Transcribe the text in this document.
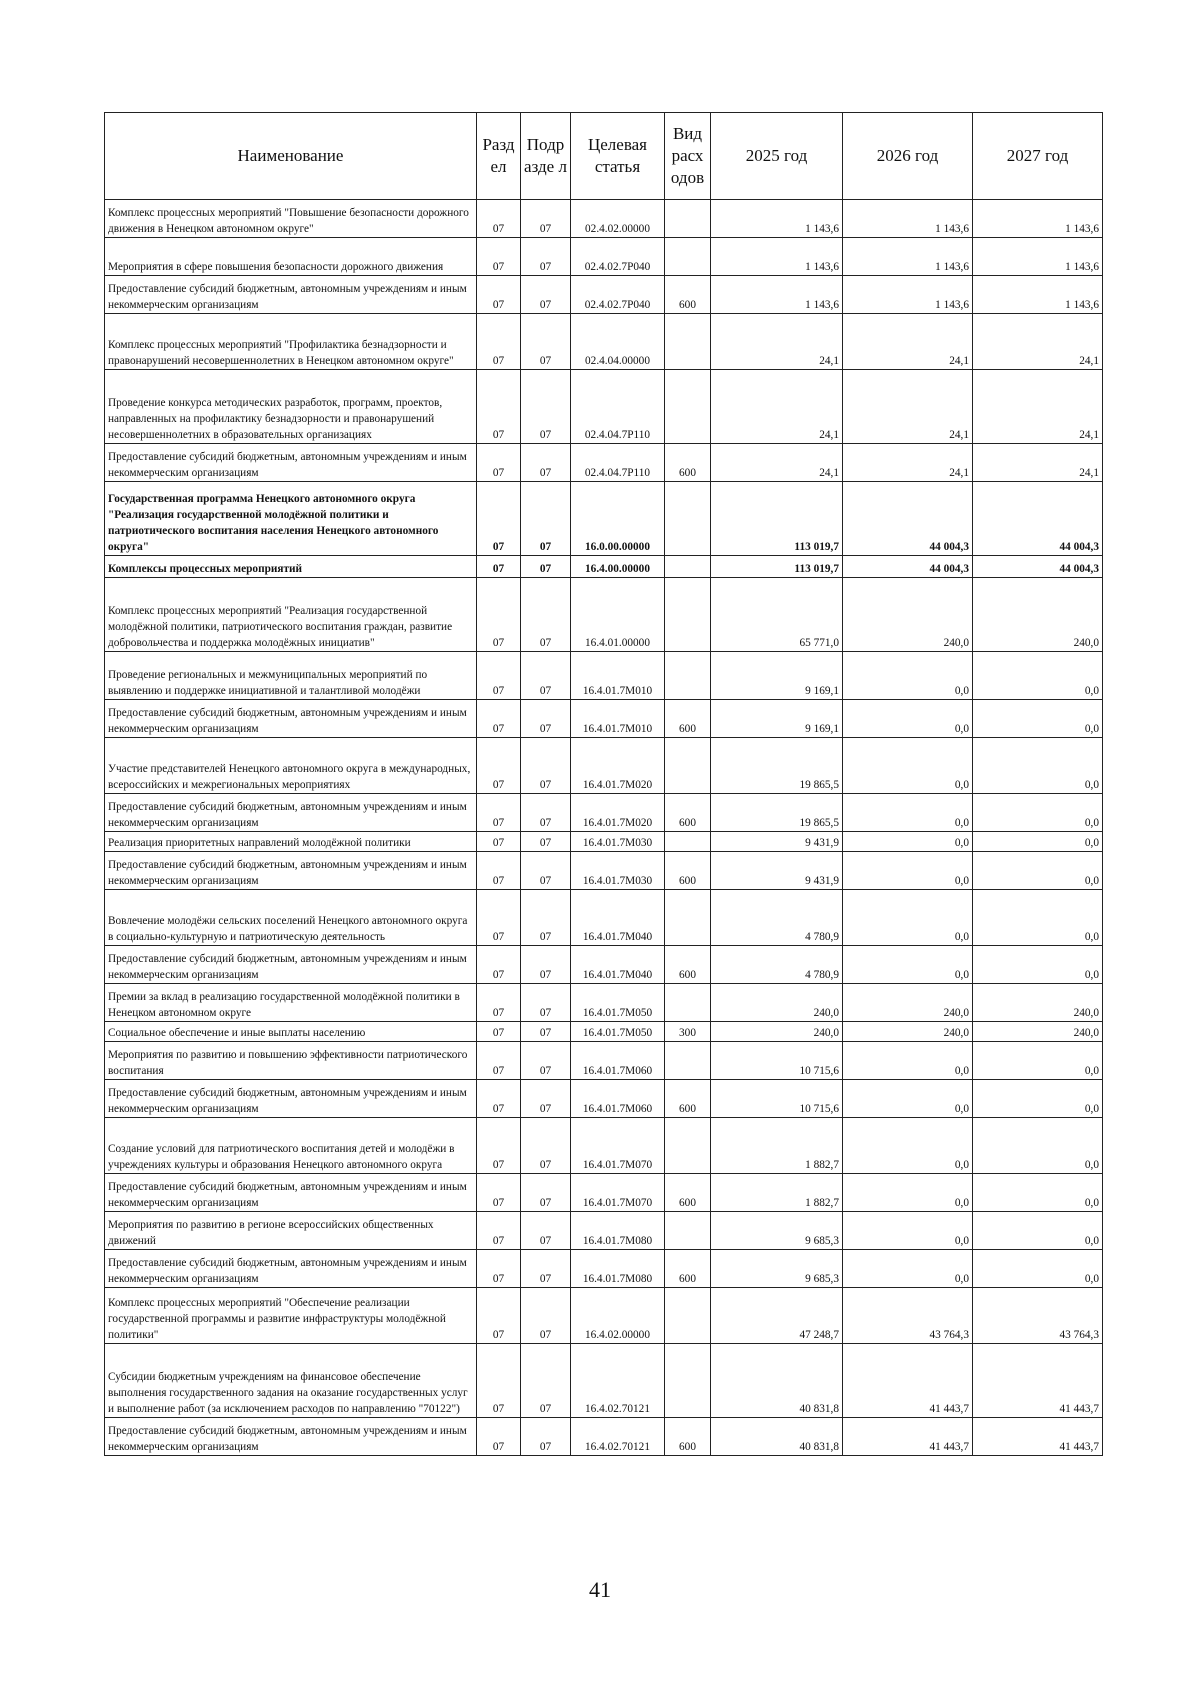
Наименование	Разд ел	Подр азде л	Целевая статья	Вид расх одов	2025 год	2026 год	2027 год
Комплекс процессных мероприятий "Повышение безопасности дорожного движения в Ненецком автономном округе"	07	07	02.4.02.00000		1 143,6	1 143,6	1 143,6
Мероприятия в сфере повышения безопасности дорожного движения	07	07	02.4.02.7Р040		1 143,6	1 143,6	1 143,6
Предоставление субсидий бюджетным, автономным учреждениям и иным некоммерческим организациям	07	07	02.4.02.7Р040	600	1 143,6	1 143,6	1 143,6
Комплекс процессных мероприятий "Профилактика безнадзорности и правонарушений несовершеннолетних в Ненецком автономном округе"	07	07	02.4.04.00000		24,1	24,1	24,1
Проведение конкурса методических разработок, программ, проектов, направленных на профилактику безнадзорности и правонарушений несовершеннолетних в образовательных организациях	07	07	02.4.04.7Р110		24,1	24,1	24,1
Предоставление субсидий бюджетным, автономным учреждениям и иным некоммерческим организациям	07	07	02.4.04.7Р110	600	24,1	24,1	24,1
Государственная программа Ненецкого автономного округа "Реализация государственной молодёжной политики и патриотического воспитания населения Ненецкого автономного округа"	07	07	16.0.00.00000		113 019,7	44 004,3	44 004,3
Комплексы процессных мероприятий	07	07	16.4.00.00000		113 019,7	44 004,3	44 004,3
Комплекс процессных мероприятий "Реализация государственной молодёжной политики, патриотического воспитания граждан, развитие добровольчества и поддержка молодёжных инициатив"	07	07	16.4.01.00000		65 771,0	240,0	240,0
Проведение региональных и межмуниципальных мероприятий по выявлению и поддержке инициативной и талантливой молодёжи	07	07	16.4.01.7М010		9 169,1	0,0	0,0
Предоставление субсидий бюджетным, автономным учреждениям и иным некоммерческим организациям	07	07	16.4.01.7М010	600	9 169,1	0,0	0,0
Участие представителей Ненецкого автономного округа в международных, всероссийских и межрегиональных мероприятиях	07	07	16.4.01.7М020		19 865,5	0,0	0,0
Предоставление субсидий бюджетным, автономным учреждениям и иным некоммерческим организациям	07	07	16.4.01.7М020	600	19 865,5	0,0	0,0
Реализация приоритетных направлений молодёжной политики	07	07	16.4.01.7М030		9 431,9	0,0	0,0
Предоставление субсидий бюджетным, автономным учреждениям и иным некоммерческим организациям	07	07	16.4.01.7М030	600	9 431,9	0,0	0,0
Вовлечение молодёжи сельских поселений Ненецкого автономного округа в социально-культурную и патриотическую деятельность	07	07	16.4.01.7М040		4 780,9	0,0	0,0
Предоставление субсидий бюджетным, автономным учреждениям и иным некоммерческим организациям	07	07	16.4.01.7М040	600	4 780,9	0,0	0,0
Премии за вклад в реализацию государственной молодёжной политики в Ненецком автономном округе	07	07	16.4.01.7М050		240,0	240,0	240,0
Социальное обеспечение и иные выплаты населению	07	07	16.4.01.7М050	300	240,0	240,0	240,0
Мероприятия по развитию и повышению эффективности патриотического воспитания	07	07	16.4.01.7М060		10 715,6	0,0	0,0
Предоставление субсидий бюджетным, автономным учреждениям и иным некоммерческим организациям	07	07	16.4.01.7М060	600	10 715,6	0,0	0,0
Создание условий для патриотического воспитания детей и молодёжи в учреждениях культуры и образования Ненецкого автономного округа	07	07	16.4.01.7М070		1 882,7	0,0	0,0
Предоставление субсидий бюджетным, автономным учреждениям и иным некоммерческим организациям	07	07	16.4.01.7М070	600	1 882,7	0,0	0,0
Мероприятия по развитию в регионе всероссийских общественных движений	07	07	16.4.01.7М080		9 685,3	0,0	0,0
Предоставление субсидий бюджетным, автономным учреждениям и иным некоммерческим организациям	07	07	16.4.01.7М080	600	9 685,3	0,0	0,0
Комплекс процессных мероприятий "Обеспечение реализации государственной программы и развитие инфраструктуры молодёжной политики"	07	07	16.4.02.00000		47 248,7	43 764,3	43 764,3
Субсидии бюджетным учреждениям на финансовое обеспечение выполнения государственного задания на оказание государственных услуг и выполнение работ (за исключением расходов по направлению "70122")	07	07	16.4.02.70121		40 831,8	41 443,7	41 443,7
Предоставление субсидий бюджетным, автономным учреждениям и иным некоммерческим организациям	07	07	16.4.02.70121	600	40 831,8	41 443,7	41 443,7
41
